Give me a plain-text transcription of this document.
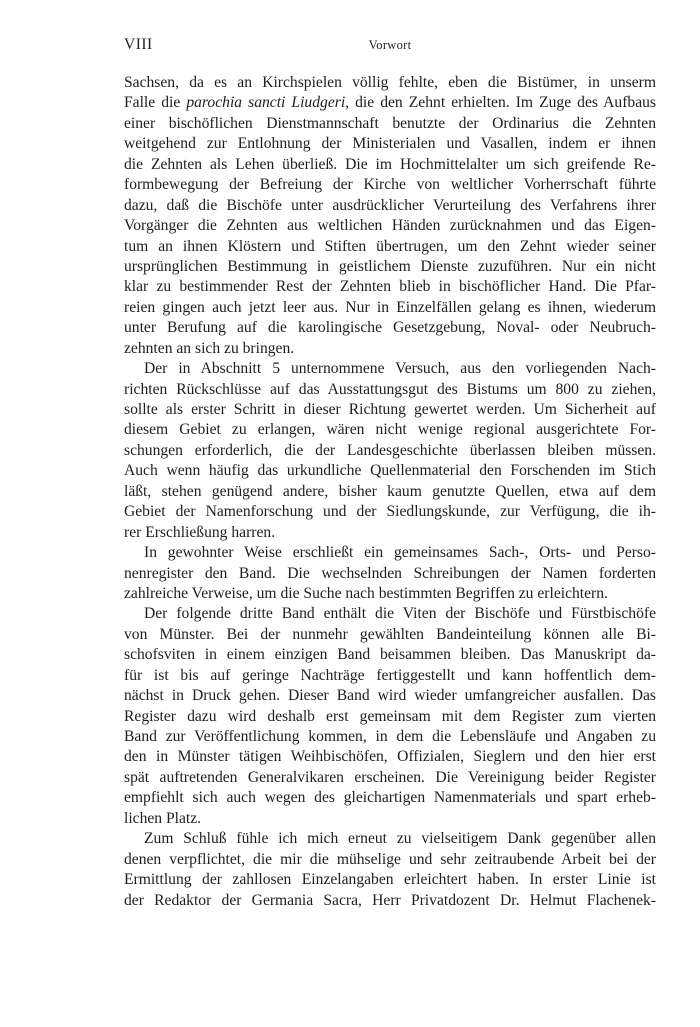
VIII	Vorwort
Sachsen, da es an Kirchspielen völlig fehlte, eben die Bistümer, in unserm
Falle die parochia sancti Liudgeri, die den Zehnt erhielten. Im Zuge des Aufbaus
einer bischöflichen Dienstmannschaft benutzte der Ordinarius die Zehnten
weitgehend zur Entlohnung der Ministerialen und Vasallen, indem er ihnen
die Zehnten als Lehen überließ. Die im Hochmittelalter um sich greifende Re-
formbewegung der Befreiung der Kirche von weltlicher Vorherrschaft führte
dazu, daß die Bischöfe unter ausdrücklicher Verurteilung des Verfahrens ihrer
Vorgänger die Zehnten aus weltlichen Händen zurücknahmen und das Eigen-
tum an ihnen Klöstern und Stiften übertrugen, um den Zehnt wieder seiner
ursprünglichen Bestimmung in geistlichem Dienste zuzuführen. Nur ein nicht
klar zu bestimmender Rest der Zehnten blieb in bischöflicher Hand. Die Pfar-
reien gingen auch jetzt leer aus. Nur in Einzelfällen gelang es ihnen, wiederum
unter Berufung auf die karolingische Gesetzgebung, Noval- oder Neubruch-
zehnten an sich zu bringen.
Der in Abschnitt 5 unternommene Versuch, aus den vorliegenden Nach-
richten Rückschlüsse auf das Ausstattungsgut des Bistums um 800 zu ziehen,
sollte als erster Schritt in dieser Richtung gewertet werden. Um Sicherheit auf
diesem Gebiet zu erlangen, wären nicht wenige regional ausgerichtete For-
schungen erforderlich, die der Landesgeschichte überlassen bleiben müssen.
Auch wenn häufig das urkundliche Quellenmaterial den Forschenden im Stich
läßt, stehen genügend andere, bisher kaum genutzte Quellen, etwa auf dem
Gebiet der Namenforschung und der Siedlungskunde, zur Verfügung, die ih-
rer Erschließung harren.
In gewohnter Weise erschließt ein gemeinsames Sach-, Orts- und Perso-
nenregister den Band. Die wechselnden Schreibungen der Namen forderten
zahlreiche Verweise, um die Suche nach bestimmten Begriffen zu erleichtern.
Der folgende dritte Band enthält die Viten der Bischöfe und Fürstbischöfe
von Münster. Bei der nunmehr gewählten Bandeinteilung können alle Bi-
schofsviten in einem einzigen Band beisammen bleiben. Das Manuskript da-
für ist bis auf geringe Nachträge fertiggestellt und kann hoffentlich dem-
nächst in Druck gehen. Dieser Band wird wieder umfangreicher ausfallen. Das
Register dazu wird deshalb erst gemeinsam mit dem Register zum vierten
Band zur Veröffentlichung kommen, in dem die Lebensläufe und Angaben zu
den in Münster tätigen Weihbischöfen, Offizialen, Sieglern und den hier erst
spät auftretenden Generalvikaren erscheinen. Die Vereinigung beider Register
empfiehlt sich auch wegen des gleichartigen Namenmaterials und spart erheb-
lichen Platz.
Zum Schluß fühle ich mich erneut zu vielseitigem Dank gegenüber allen
denen verpflichtet, die mir die mühselige und sehr zeitraubende Arbeit bei der
Ermittlung der zahllosen Einzelangaben erleichtert haben. In erster Linie ist
der Redaktor der Germania Sacra, Herr Privatdozent Dr. Helmut Flachenek-
